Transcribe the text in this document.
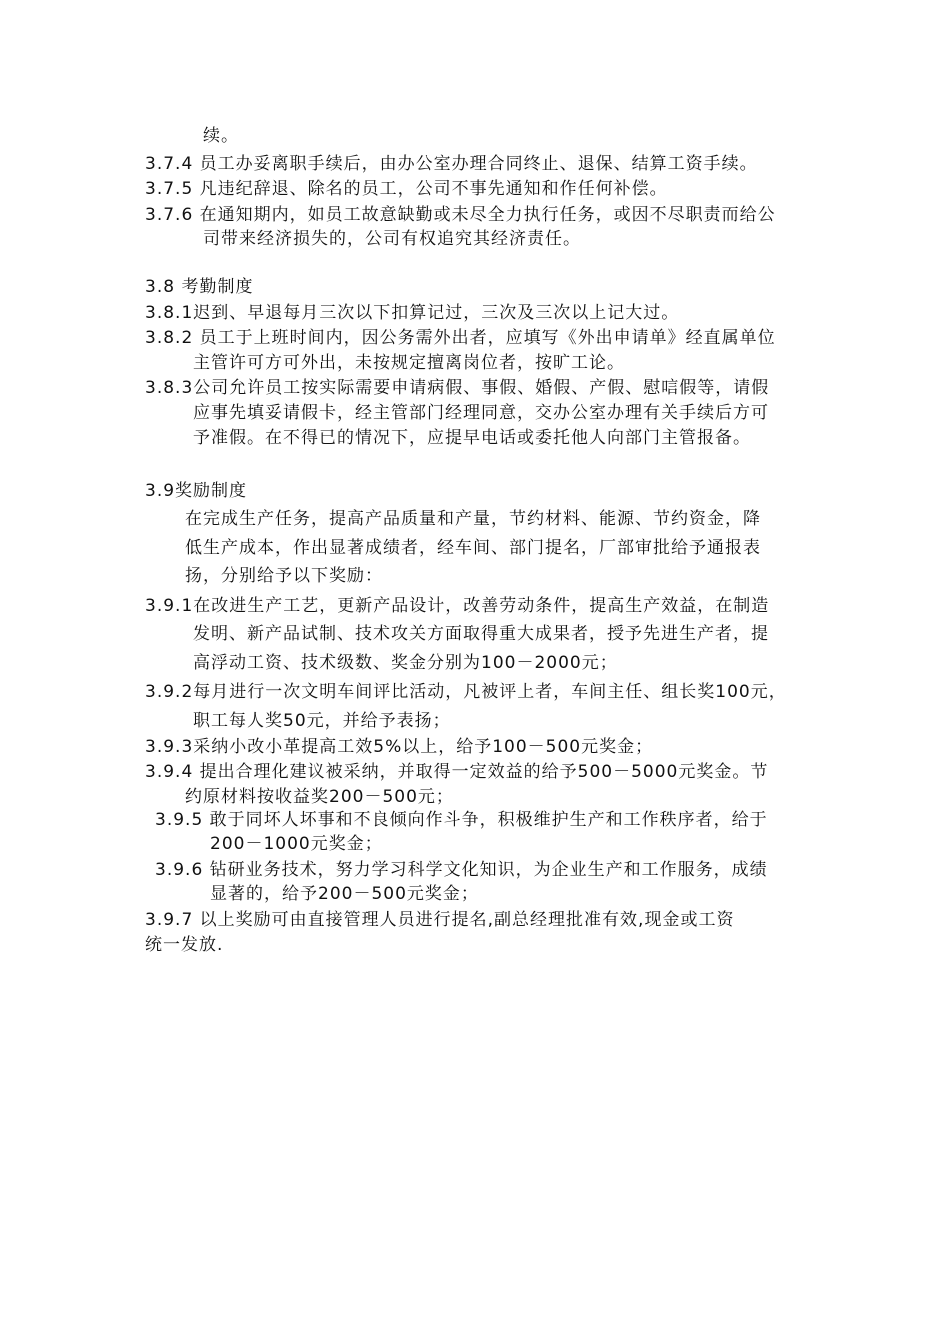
续。
3.7.4 员工办妥离职手续后，由办公室办理合同终止、退保、结算工资手续。
3.7.5 凡违纪辞退、除名的员工，公司不事先通知和作任何补偿。
3.7.6 在通知期内，如员工故意缺勤或未尽全力执行任务，或因不尽职责而给公
司带来经济损失的，公司有权追究其经济责任。
3.8 考勤制度
3.8.1迟到、早退每月三次以下扣算记过，三次及三次以上记大过。
3.8.2 员工于上班时间内，因公务需外出者，应填写《外出申请单》经直属单位
主管许可方可外出，未按规定擅离岗位者，按旷工论。
3.8.3公司允许员工按实际需要申请病假、事假、婚假、产假、慰唁假等，请假
应事先填妥请假卡，经主管部门经理同意，交办公室办理有关手续后方可
予准假。在不得已的情况下，应提早电话或委托他人向部门主管报备。
3.9奖励制度
在完成生产任务，提高产品质量和产量，节约材料、能源、节约资金，降
低生产成本，作出显著成绩者，经车间、部门提名，厂部审批给予通报表
扬，分别给予以下奖励：
3.9.1在改进生产工艺，更新产品设计，改善劳动条件，提高生产效益，在制造
发明、新产品试制、技术攻关方面取得重大成果者，授予先进生产者，提
高浮动工资、技术级数、奖金分别为100－2000元；
3.9.2每月进行一次文明车间评比活动，凡被评上者，车间主任、组长奖100元，
职工每人奖50元，并给予表扬；
3.9.3采纳小改小革提高工效5%以上，给予100－500元奖金；
3.9.4 提出合理化建议被采纳，并取得一定效益的给予500－5000元奖金。节
约原材料按收益奖200－500元；
3.9.5 敢于同坏人坏事和不良倾向作斗争，积极维护生产和工作秩序者，给于
200－1000元奖金；
3.9.6 钻研业务技术，努力学习科学文化知识，为企业生产和工作服务，成绩
显著的，给予200－500元奖金；
3.9.7 以上奖励可由直接管理人员进行提名,副总经理批准有效,现金或工资
统一发放.
